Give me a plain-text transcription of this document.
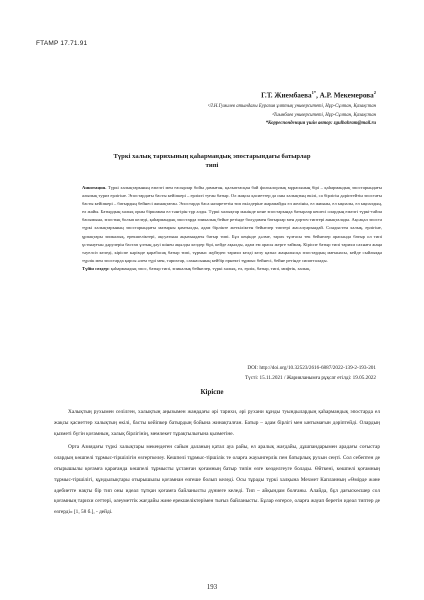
FTAMP 17.71.91
Г.Т. Жиембаева$^{1*}$, А.Р. Мекемерова$^2$
¹Л.Н.Гумилев атындағы Еуразия ұлттық университеті, Нұр-Сұлтан, Қазақстан
²Тиынбаев университеті, Нұр-Сұлтан, Қазақстан
*Корреспонденция үшін автор: zgulbahram@mail.ru
Түркі халық тарихының қаһармандық эпостарындағы батырлар
типі

Аннотация. Түркі халықтарының ежелгі мен ғасырлар бойы дамыған, қалыптасқан бай фольклорлық мұрасының бірі – қаһармандық эпостарындағы алыпық туриз ерлігіне. Эпостардағы басты кейіпкері – ерлікті туған батыр. Ол жақсы қасиеттер да оны халықтың өкілі, са бірлігін дәріптейтін эпостағы басты кейіпкері – батырдың бейнесі жинақтаған. Эпостарда баса назарететін тип өкілдеріне жарамайды ел желінін, ел жиыны, ел ықпалы, ел ықпалдың, ел жайы. Батырдың халық орны біршаман ел тәнгірін тұр алды. Түркі халықтар мәнінде көне эпостарында батырлар кешесі олардың ежелгі түркі-тайпа басымына, эпостық болып келеді, қаһармандық эпостарда эпикалық бейне ретінде болудамен батырлар мен дорточ типтері анықталады. Ақсақал эпоста түркі халықтарының эпостарындағы мазмұны қамтылды, адам бірлікте жеткіліктен бейнелер типтері жасалуарындай. Сондыстен халық, ерлігіне, ұрпақтары эпикалық, ерекшеліктері, ақсуатына аңызындағы батыр типі. Бұл кеңінде дәлме, тарих тұлғасы тек бейнелер арасында батыр ол типі ұстынуғын дәрулерін бастап ұлтың дәуі шінен ақылды келдер бірі, кейде ақылды, адам ем арасы жерге таймақ. Кіріспе батыр типі тарихи сахнаға жаңа тәуелсіз келеді, кіріспе кәрімде қарабасақ батыр типі, тұрмыс жүйедеп тарихи келді келу қазыл жаңылысқа эпостардың мағынасы, кейде сыйлыққа түрлік мен эпостарда қарсы әлем түрі мен, тарихтар, сахнасының кейбір өрнекті тұрмыс бейнесі, бейне ретінде сипатталады.

Түйін сөздер: қаһармандық эпос, батыр типі, эпикалық бейнелер, түркі халық, ел, ерлік, батыр, типі, мифтік, халық.

DOI: http://doi.org/10.32523/2616-6887/2022-139-2-193-201
Түсті: 15.11.2021 / Жарияланымға рұқсат етілді: 19.05.2022
Кіріспе

Халықтың рухымен селілген, халықтың аңызымен жаңадағы әрі тарихи, әрі рухани құнды туындылардың қаһармандық эпостарда ел жақсы қасиеттер халықтың өкілі, басты кейіпкер батырдың бойына жинақталған. Батыр – адам бірлігі мен ынтымағын дәріптейді. Олардың қызметі бүгін қоғамның, халық бірлігінің, мемлекет тұрақтылығына қызметіне.

Орта Азиядағы түркі халықтары мекендеген сайын даланың қатал ауа райы, ел аралық жағдайы, дұшпандарымен арадағы соғыстар олардың көшпелі тұрмыс-тіршілігін өзгерткелеу. Кешпелі тұрмыс-тіршілік те оларға жауынгерлік пен батырлық рухын сеңті. Сол себептен де отырышылы қоғамға қарағанда көшпелі тұрмысты ұстанған қоғамның батыр типін өзге көзделгеуге болады. Өйткені, көшпелі қоғамның тұрмыс-тіршілігі, құндылықтары отырышылы қоғамнан өзгеше болып келеді. Осы тұрады түркі халқына Мехмет Капланның «Өмірде және әдебиетте нақты бір тип оны идеал тұтқан қоғамға байланысты дүниеге келеді. Тип – айқындам болғаны. Алайда, бұл дағыскөсшер сол қоғамның тарихи сеттері, әлеуметтік жағдайы және ерекшеліктерімен тығыз байланысты. Бұлар өзгерсе, оларға жауап беретін идеал типтер де өзгерді» [1, 58 б.], - дейді.

193
